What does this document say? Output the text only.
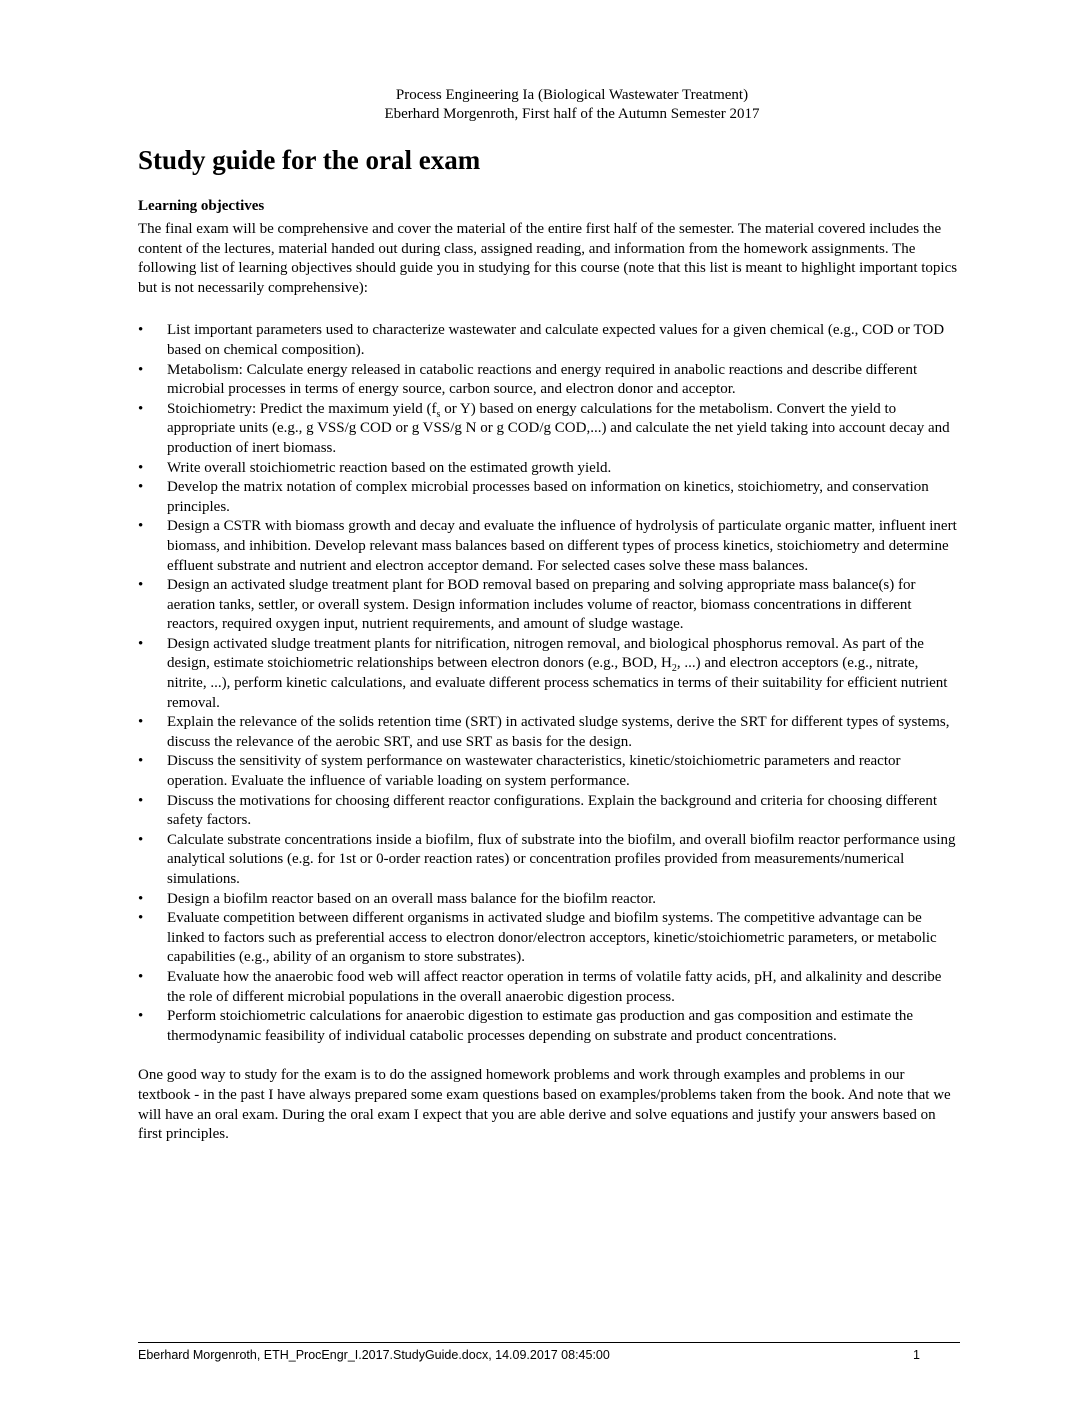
Process Engineering Ia (Biological Wastewater Treatment)
Eberhard Morgenroth, First half of the Autumn Semester 2017
Study guide for the oral exam

Learning objectives

The final exam will be comprehensive and cover the material of the entire first half of the semester. The material covered includes the content of the lectures, material handed out during class, assigned reading, and information from the homework assignments. The following list of learning objectives should guide you in studying for this course (note that this list is meant to highlight important topics but is not necessarily comprehensive):

• List important parameters used to characterize wastewater and calculate expected values for a given chemical (e.g., COD or TOD based on chemical composition).
• Metabolism: Calculate energy released in catabolic reactions and energy required in anabolic reactions and describe different microbial processes in terms of energy source, carbon source, and electron donor and acceptor.
• Stoichiometry: Predict the maximum yield ($f_s$ or Y) based on energy calculations for the metabolism. Convert the yield to appropriate units (e.g., g VSS/g COD or g VSS/g N or g COD/g COD,...) and calculate the net yield taking into account decay and production of inert biomass.
• Write overall stoichiometric reaction based on the estimated growth yield.
• Develop the matrix notation of complex microbial processes based on information on kinetics, stoichiometry, and conservation principles.
• Design a CSTR with biomass growth and decay and evaluate the influence of hydrolysis of particulate organic matter, influent inert biomass, and inhibition. Develop relevant mass balances based on different types of process kinetics, stoichiometry and determine effluent substrate and nutrient and electron acceptor demand. For selected cases solve these mass balances.
• Design an activated sludge treatment plant for BOD removal based on preparing and solving appropriate mass balance(s) for aeration tanks, settler, or overall system. Design information includes volume of reactor, biomass concentrations in different reactors, required oxygen input, nutrient requirements, and amount of sludge wastage.
• Design activated sludge treatment plants for nitrification, nitrogen removal, and biological phosphorus removal. As part of the design, estimate stoichiometric relationships between electron donors (e.g., BOD, $H_2$, ...) and electron acceptors (e.g., nitrate, nitrite, ...), perform kinetic calculations, and evaluate different process schematics in terms of their suitability for efficient nutrient removal.
• Explain the relevance of the solids retention time (SRT) in activated sludge systems, derive the SRT for different types of systems, discuss the relevance of the aerobic SRT, and use SRT as basis for the design.
• Discuss the sensitivity of system performance on wastewater characteristics, kinetic/stoichiometric parameters and reactor operation. Evaluate the influence of variable loading on system performance.
• Discuss the motivations for choosing different reactor configurations. Explain the background and criteria for choosing different safety factors.
• Calculate substrate concentrations inside a biofilm, flux of substrate into the biofilm, and overall biofilm reactor performance using analytical solutions (e.g. for 1st or 0-order reaction rates) or concentration profiles provided from measurements/numerical simulations.
• Design a biofilm reactor based on an overall mass balance for the biofilm reactor.
• Evaluate competition between different organisms in activated sludge and biofilm systems. The competitive advantage can be linked to factors such as preferential access to electron donor/electron acceptors, kinetic/stoichiometric parameters, or metabolic capabilities (e.g., ability of an organism to store substrates).
• Evaluate how the anaerobic food web will affect reactor operation in terms of volatile fatty acids, pH, and alkalinity and describe the role of different microbial populations in the overall anaerobic digestion process.
• Perform stoichiometric calculations for anaerobic digestion to estimate gas production and gas composition and estimate the thermodynamic feasibility of individual catabolic processes depending on substrate and product concentrations.

One good way to study for the exam is to do the assigned homework problems and work through examples and problems in our textbook - in the past I have always prepared some exam questions based on examples/problems taken from the book. And note that we will have an oral exam. During the oral exam I expect that you are able derive and solve equations and justify your answers based on first principles.

Eberhard Morgenroth, ETH_ProcEngr_I.2017.StudyGuide.docx, 14.09.2017 08:45:00	1
